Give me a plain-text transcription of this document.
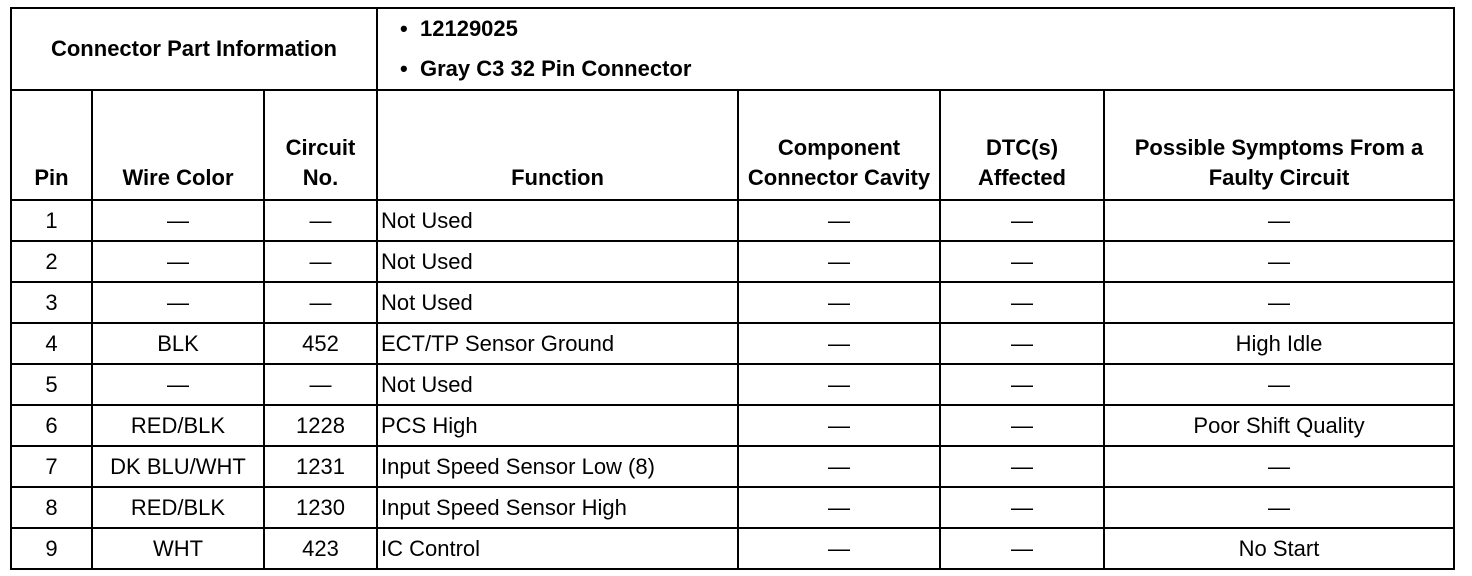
Connector Part Information	
• 12129025
• Gray C3 32 Pin Connector
Pin	Wire Color	Circuit No.	Function	Component Connector Cavity	DTC(s) Affected	Possible Symptoms From a Faulty Circuit
1	—	—	Not Used	—	—	—
2	—	—	Not Used	—	—	—
3	—	—	Not Used	—	—	—
4	BLK	452	ECT/TP Sensor Ground	—	—	High Idle
5	—	—	Not Used	—	—	—
6	RED/BLK	1228	PCS High	—	—	Poor Shift Quality
7	DK BLU/WHT	1231	Input Speed Sensor Low (8)	—	—	—
8	RED/BLK	1230	Input Speed Sensor High	—	—	—
9	WHT	423	IC Control	—	—	No Start
